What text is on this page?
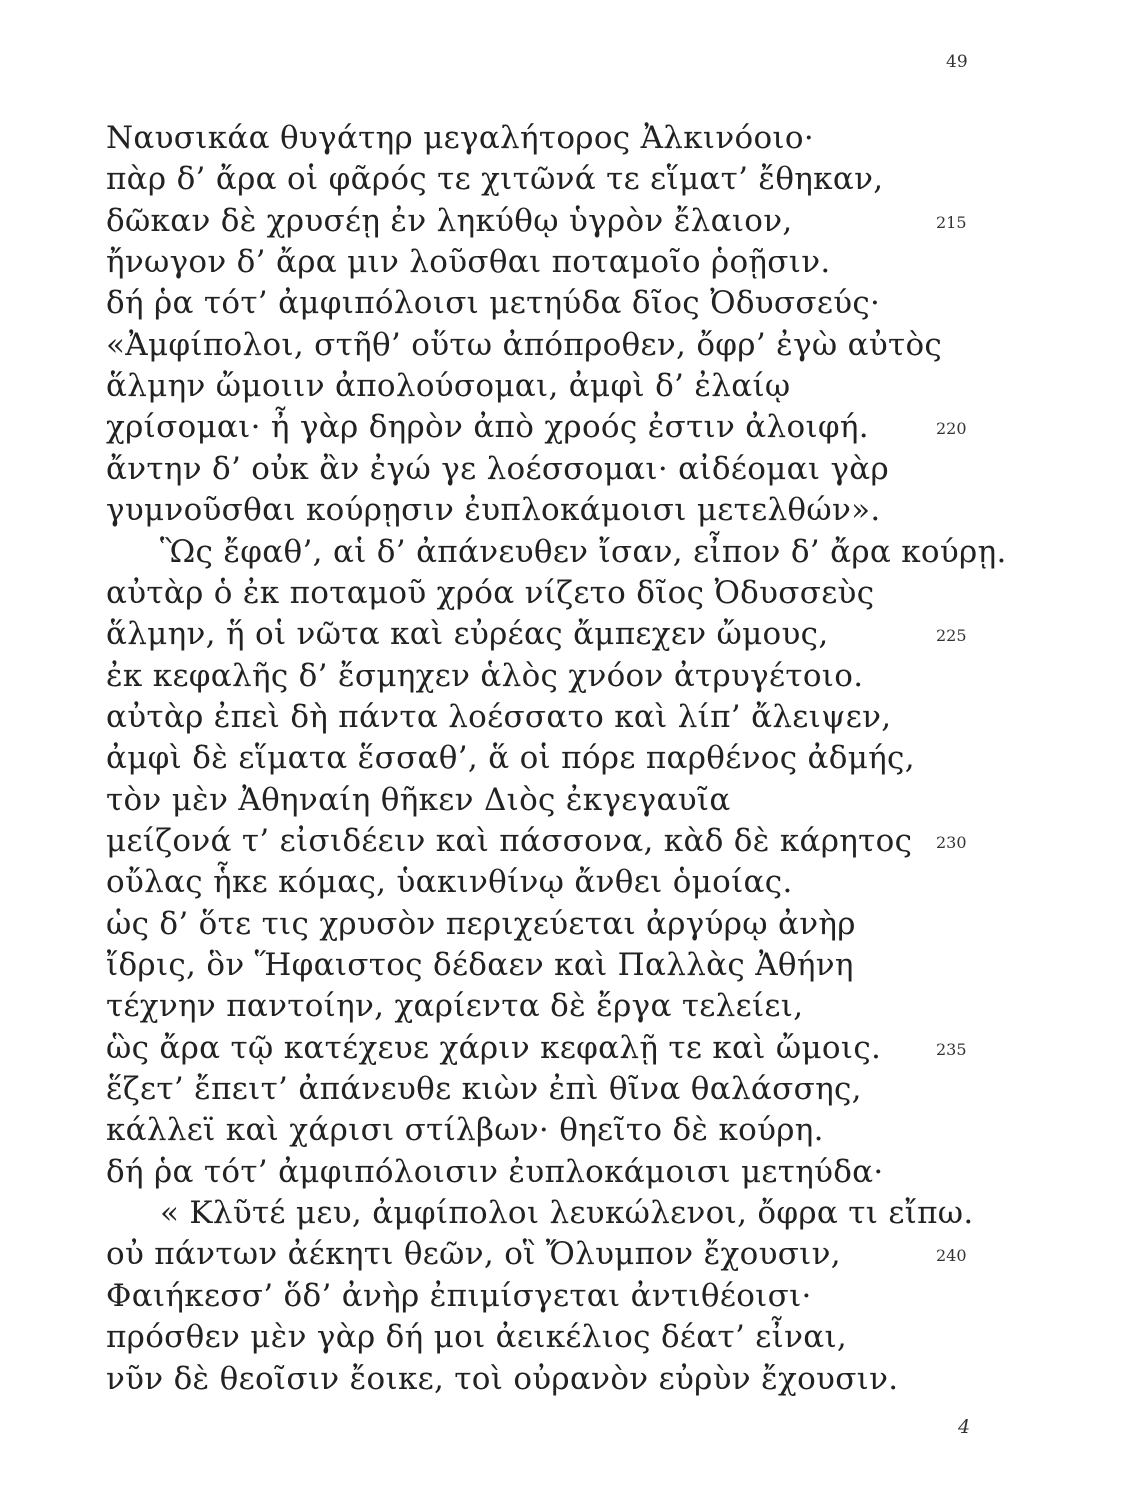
49
Ναυσικάα θυγάτηρ μεγαλήτορος Ἀλκινόοιο·
πὰρ δ’ ἄρα οἱ φᾶρός τε χιτῶνά τε εἵματ’ ἔθηκαν,
δῶκαν δὲ χρυσέῃ ἐν ληκύθῳ ὑγρὸν ἔλαιον,	215
ἤνωγον δ’ ἄρα μιν λοῦσθαι ποταμοῖο ῥοῇσιν.
δή ῥα τότ’ ἀμφιπόλοισι μετηύδα δῖος Ὀδυσσεύς·
«Ἀμφίπολοι, στῆθ’ οὕτω ἀπόπροθεν, ὄφρ’ ἐγὼ αὐτὸς
ἅλμην ὤμοιιν ἀπολούσομαι, ἀμφὶ δ’ ἐλαίῳ
χρίσομαι· ἦ γὰρ δηρὸν ἀπὸ χροός ἐστιν ἀλοιφή.	220
ἄντην δ’ οὐκ ἂν ἐγώ γε λοέσσομαι· αἰδέομαι γὰρ
γυμνοῦσθαι κούρῃσιν ἐυπλοκάμοισι μετελθών».
Ὣς ἔφαθ’, αἱ δ’ ἀπάνευθεν ἴσαν, εἶπον δ’ ἄρα κούρῃ.
αὐτὰρ ὁ ἐκ ποταμοῦ χρόα νίζετο δῖος Ὀδυσσεὺς
ἅλμην, ἥ οἱ νῶτα καὶ εὐρέας ἄμπεχεν ὤμους,	225
ἐκ κεφαλῆς δ’ ἔσμηχεν ἁλὸς χνόον ἀτρυγέτοιο.
αὐτὰρ ἐπεὶ δὴ πάντα λοέσσατο καὶ λίπ’ ἄλειψεν,
ἀμφὶ δὲ εἵματα ἕσσαθ’, ἅ οἱ πόρε παρθένος ἀδμής,
τὸν μὲν Ἀθηναίη θῆκεν Διὸς ἐκγεγαυῖα
μείζονά τ’ εἰσιδέειν καὶ πάσσονα, κὰδ δὲ κάρητος	230
οὔλας ἧκε κόμας, ὑακινθίνῳ ἄνθει ὁμοίας.
ὡς δ’ ὅτε τις χρυσὸν περιχεύεται ἀργύρῳ ἀνὴρ
ἴδρις, ὃν Ἥφαιστος δέδαεν καὶ Παλλὰς Ἀθήνη
τέχνην παντοίην, χαρίεντα δὲ ἔργα τελείει,
ὣς ἄρα τῷ κατέχευε χάριν κεφαλῇ τε καὶ ὤμοις.	235
ἕζετ’ ἔπειτ’ ἀπάνευθε κιὼν ἐπὶ θῖνα θαλάσσης,
κάλλεϊ καὶ χάρισι στίλβων· θηεῖτο δὲ κούρη.
δή ῥα τότ’ ἀμφιπόλοισιν ἐυπλοκάμοισι μετηύδα·
« Κλῦτέ μευ, ἀμφίπολοι λευκώλενοι, ὄφρα τι εἴπω.
οὐ πάντων ἀέκητι θεῶν, οἳ Ὄλυμπον ἔχουσιν,	240
Φαιήκεσσ’ ὅδ’ ἀνὴρ ἐπιμίσγεται ἀντιθέοισι·
πρόσθεν μὲν γὰρ δή μοι ἀεικέλιος δέατ’ εἶναι,
νῦν δὲ θεοῖσιν ἔοικε, τοὶ οὐρανὸν εὐρὺν ἔχουσιν.
4
